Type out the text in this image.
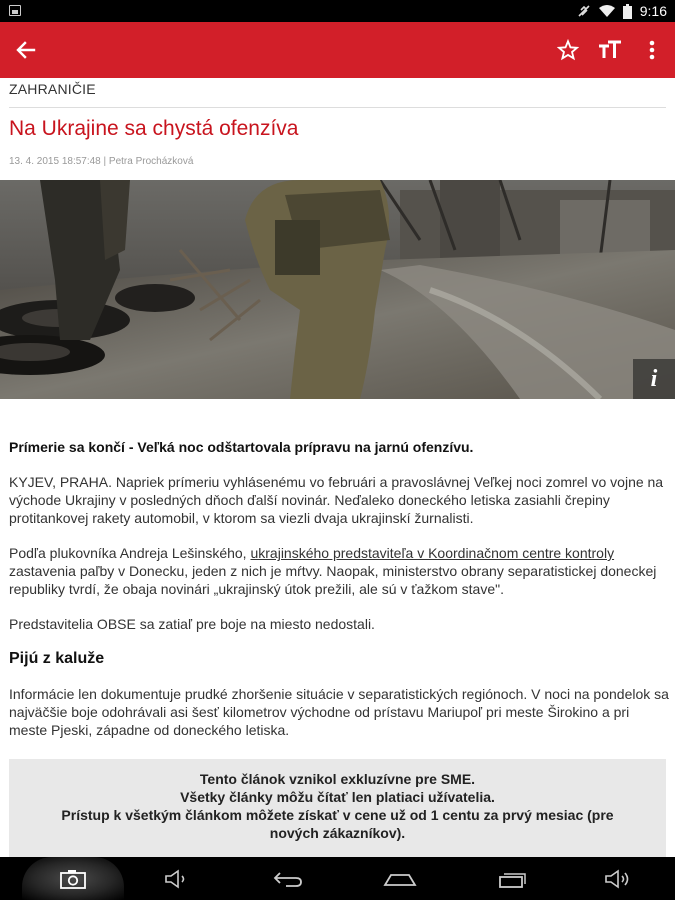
9:16
ZAHRANIČIE
Na Ukrajine sa chystá ofenzíva
13. 4. 2015 18:57:48 | Petra Procházková
i

Prímerie sa končí - Veľká noc odštartovala prípravu na jarnú ofenzívu.

KYJEV, PRAHA. Napriek prímeriu vyhlásenému vo februári a pravoslávnej Veľkej noci zomrel vo vojne na východe Ukrajiny v posledných dňoch ďalší novinár. Neďaleko doneckého letiska zasiahli črepiny protitankovej rakety automobil, v ktorom sa viezli dvaja ukrajinskí žurnalisti.

Podľa plukovníka Andreja Lešinského, ukrajinského predstaviteľa v Koordinačnom centre kontroly zastavenia paľby v Donecku, jeden z nich je mŕtvy. Naopak, ministerstvo obrany separatistickej doneckej republiky tvrdí, že obaja novinári „ukrajinský útok prežili, ale sú v ťažkom stave".

Predstavitelia OBSE sa zatiaľ pre boje na miesto nedostali.

Pijú z kaluže

Informácie len dokumentuje prudké zhoršenie situácie v separatistických regiónoch. V noci na pondelok sa najväčšie boje odohrávali asi šesť kilometrov východne od prístavu Mariupoľ pri meste Širokino a pri meste Pjeski, západne od doneckého letiska.

Tento článok vznikol exkluzívne pre SME.
Všetky články môžu čítať len platiaci užívatelia.
Prístup k všetkým článkom môžete získať v cene už od 1 centu za prvý mesiac (pre nových zákazníkov).
